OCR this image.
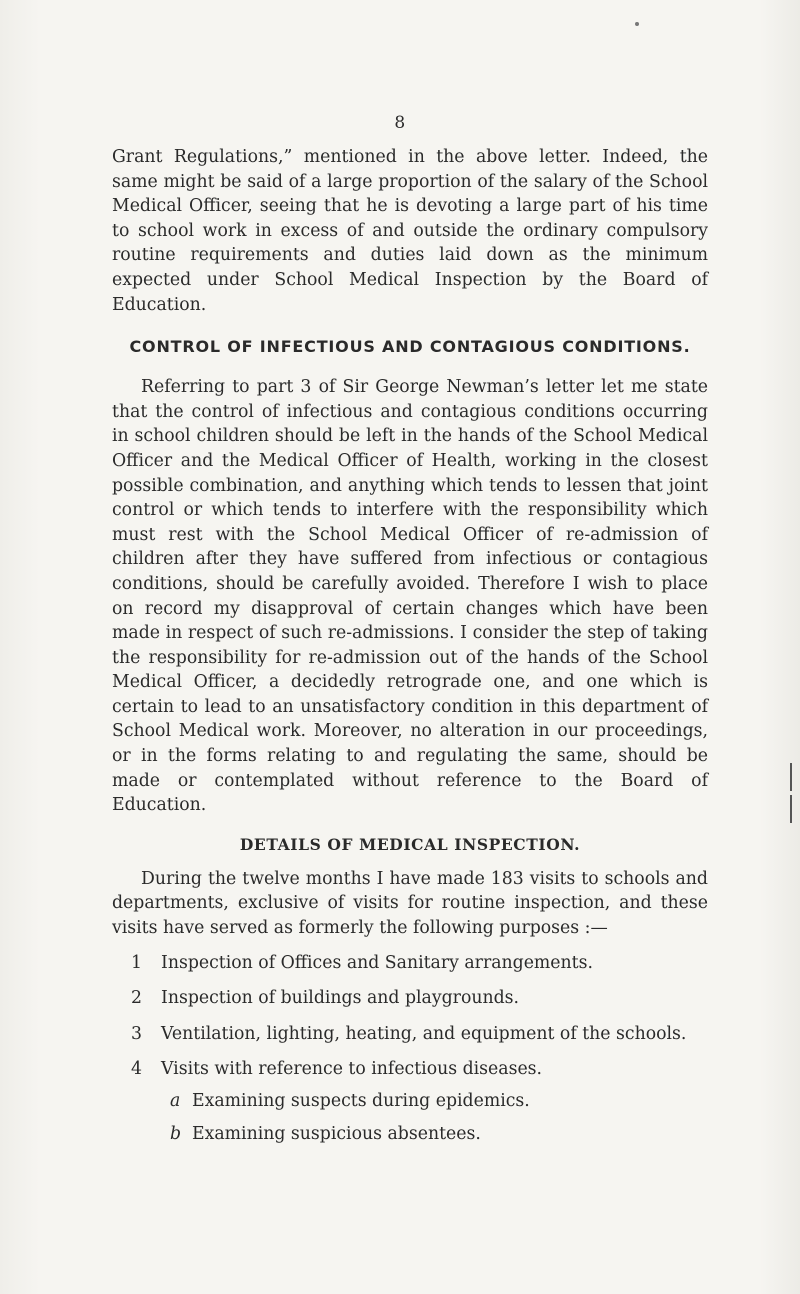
8

Grant Regulations,” mentioned in the above letter. Indeed, the same might be said of a large proportion of the salary of the School Medical Officer, seeing that he is devoting a large part of his time to school work in excess of and outside the ordinary compulsory routine requirements and duties laid down as the minimum expected under School Medical Inspection by the Board of Education.

CONTROL OF INFECTIOUS AND CONTAGIOUS CONDITIONS.

Referring to part 3 of Sir George Newman’s letter let me state that the control of infectious and contagious conditions occurring in school children should be left in the hands of the School Medical Officer and the Medical Officer of Health, working in the closest possible combination, and anything which tends to lessen that joint control or which tends to interfere with the responsibility which must rest with the School Medical Officer of re-admission of children after they have suffered from infectious or contagious conditions, should be carefully avoided. Therefore I wish to place on record my disapproval of certain changes which have been made in respect of such re-admissions. I consider the step of taking the responsibility for re-admission out of the hands of the School Medical Officer, a decidedly retrograde one, and one which is certain to lead to an unsatisfactory condition in this department of School Medical work. Moreover, no alteration in our proceedings, or in the forms relating to and regulating the same, should be made or contemplated without reference to the Board of Education.

DETAILS OF MEDICAL INSPECTION.

During the twelve months I have made 183 visits to schools and departments, exclusive of visits for routine inspection, and these visits have served as formerly the following purposes :—

1	Inspection of Offices and Sanitary arrangements.
2	Inspection of buildings and playgrounds.
3	Ventilation, lighting, heating, and equipment of the schools.
4	Visits with reference to infectious diseases.
a Examining suspects during epidemics.
b Examining suspicious absentees.
